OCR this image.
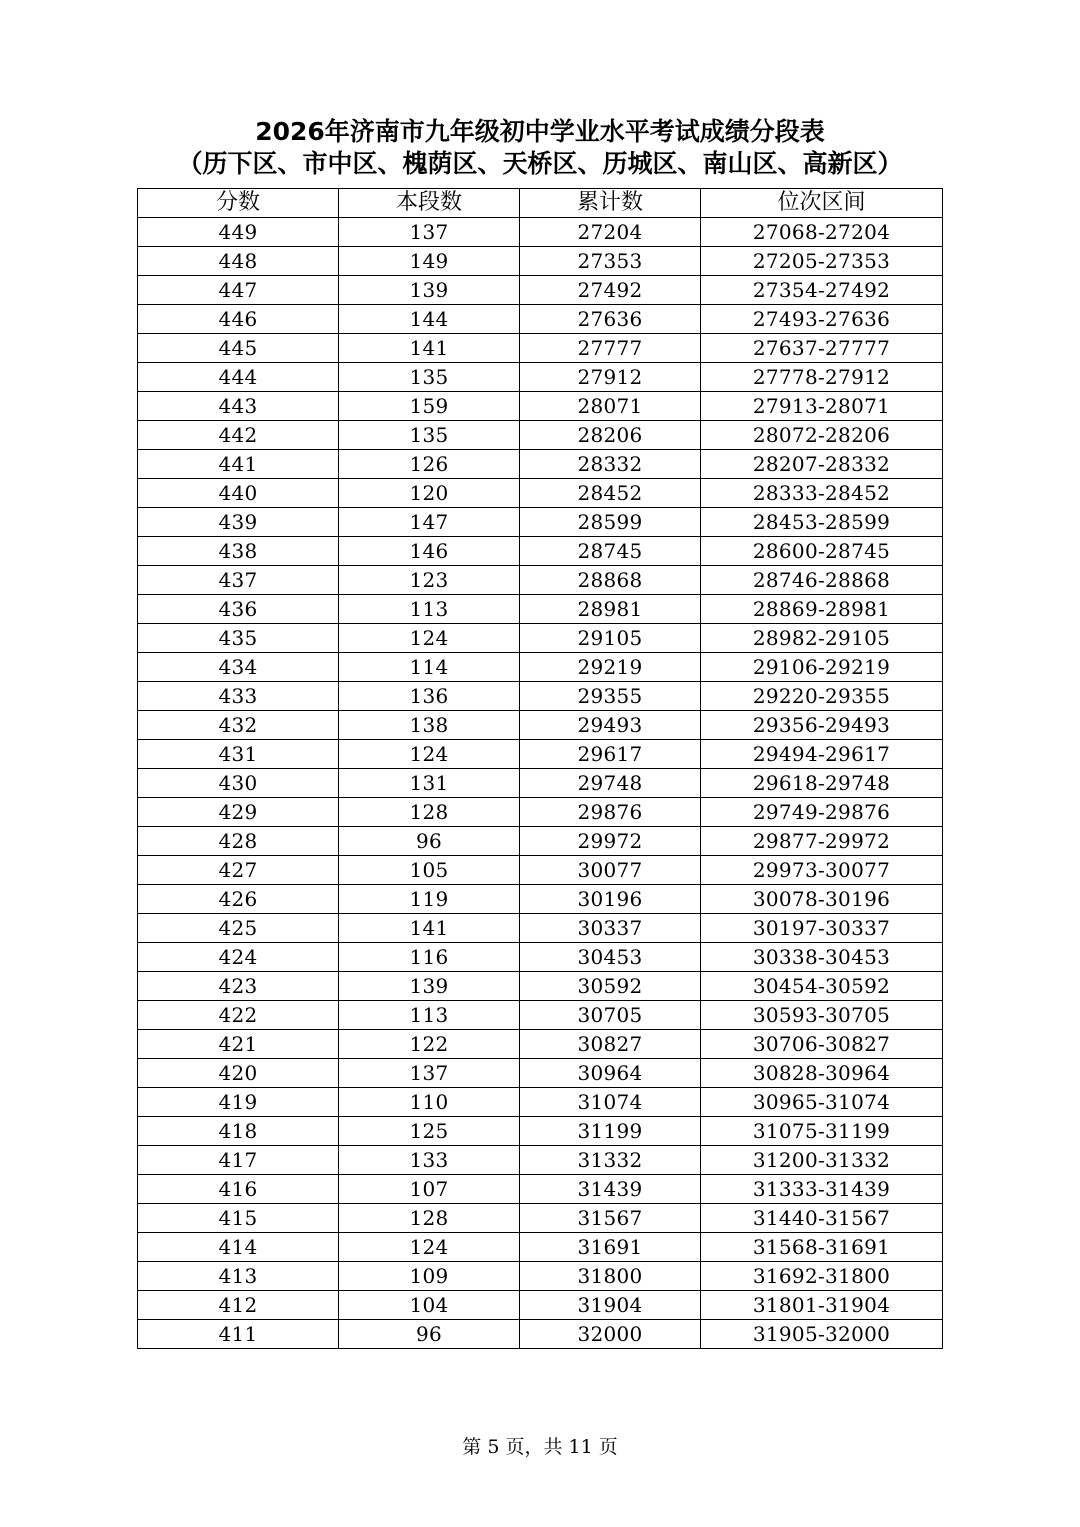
2026年济南市九年级初中学业水平考试成绩分段表
（历下区、市中区、槐荫区、天桥区、历城区、南山区、高新区）
分数	本段数	累计数	位次区间
449	137	27204	27068-27204
448	149	27353	27205-27353
447	139	27492	27354-27492
446	144	27636	27493-27636
445	141	27777	27637-27777
444	135	27912	27778-27912
443	159	28071	27913-28071
442	135	28206	28072-28206
441	126	28332	28207-28332
440	120	28452	28333-28452
439	147	28599	28453-28599
438	146	28745	28600-28745
437	123	28868	28746-28868
436	113	28981	28869-28981
435	124	29105	28982-29105
434	114	29219	29106-29219
433	136	29355	29220-29355
432	138	29493	29356-29493
431	124	29617	29494-29617
430	131	29748	29618-29748
429	128	29876	29749-29876
428	96	29972	29877-29972
427	105	30077	29973-30077
426	119	30196	30078-30196
425	141	30337	30197-30337
424	116	30453	30338-30453
423	139	30592	30454-30592
422	113	30705	30593-30705
421	122	30827	30706-30827
420	137	30964	30828-30964
419	110	31074	30965-31074
418	125	31199	31075-31199
417	133	31332	31200-31332
416	107	31439	31333-31439
415	128	31567	31440-31567
414	124	31691	31568-31691
413	109	31800	31692-31800
412	104	31904	31801-31904
411	96	32000	31905-32000
第 5 页，共 11 页
